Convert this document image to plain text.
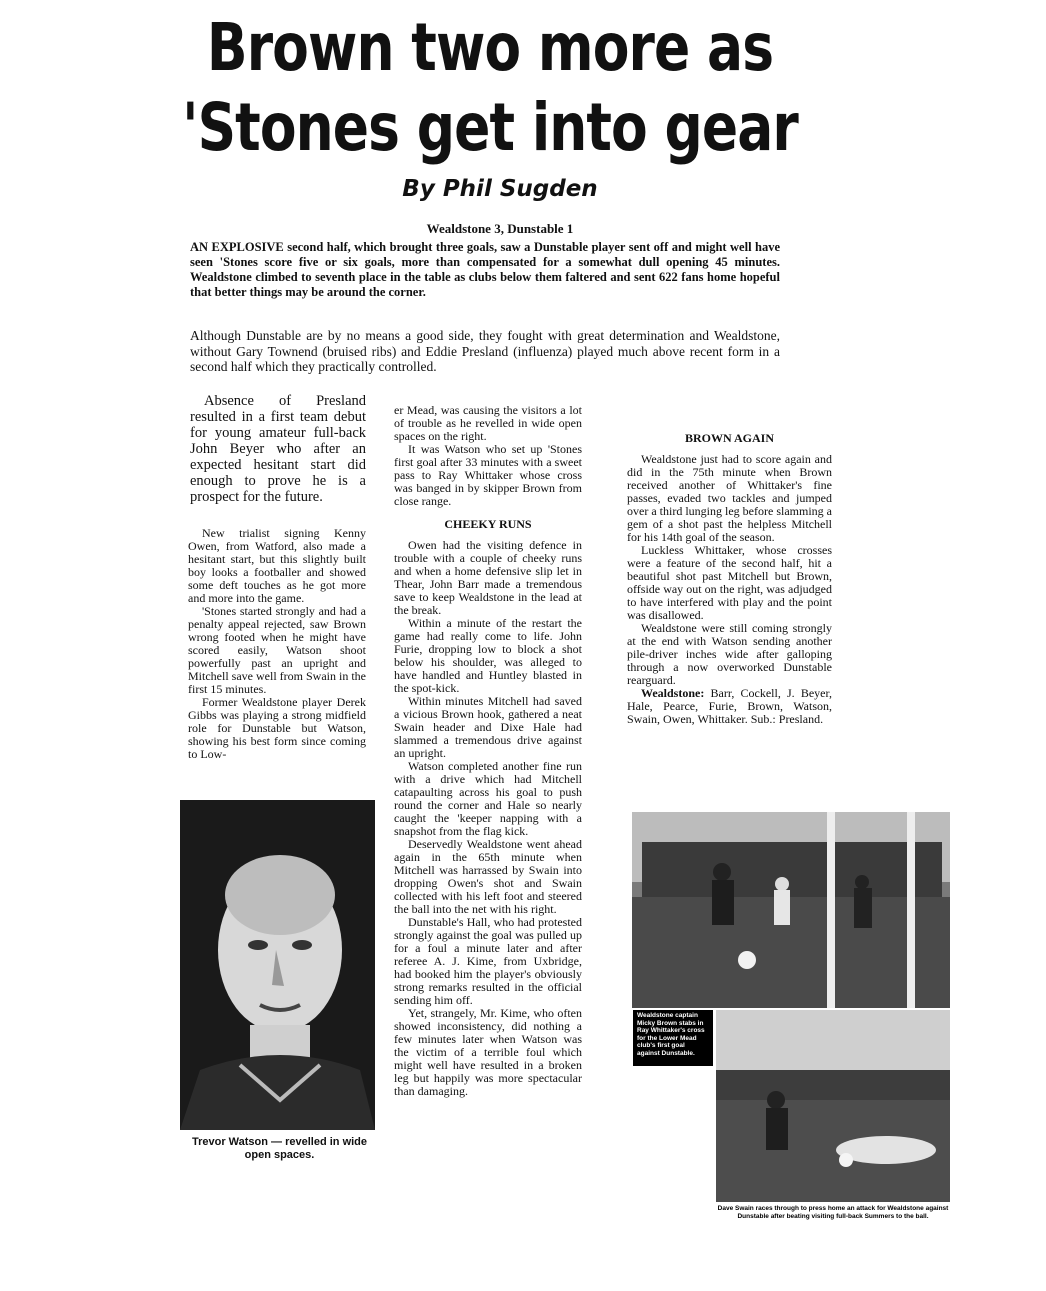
Brown two more as
'Stones get into gear
By Phil Sugden
Wealdstone 3, Dunstable 1
AN EXPLOSIVE second half, which brought three goals, saw a Dunstable player sent off and might well have seen 'Stones score five or six goals, more than compensated for a somewhat dull opening 45 minutes. Wealdstone climbed to seventh place in the table as clubs below them faltered and sent 622 fans home hopeful that better things may be around the corner.
Although Dunstable are by no means a good side, they fought with great determination and Wealdstone, without Gary Townend (bruised ribs) and Eddie Presland (influenza) played much above recent form in a second half which they practically controlled.

Absence of Presland resulted in a first team debut for young amateur full-back John Beyer who after an expected hesitant start did enough to prove he is a prospect for the future.

New trialist signing Kenny Owen, from Watford, also made a hesitant start, but this slightly built boy looks a footballer and showed some deft touches as he got more and more into the game.

'Stones started strongly and had a penalty appeal rejected, saw Brown wrong footed when he might have scored easily, Watson shoot powerfully past an upright and Mitchell save well from Swain in the first 15 minutes.

Former Wealdstone player Derek Gibbs was playing a strong midfield role for Dunstable but Watson, showing his best form since coming to Low-

Trevor Watson — revelled in wide open spaces.

er Mead, was causing the visitors a lot of trouble as he revelled in wide open spaces on the right.

It was Watson who set up 'Stones first goal after 33 minutes with a sweet pass to Ray Whittaker whose cross was banged in by skipper Brown from close range.

CHEEKY RUNS

Owen had the visiting defence in trouble with a couple of cheeky runs and when a home defensive slip let in Thear, John Barr made a tremendous save to keep Wealdstone in the lead at the break.

Within a minute of the restart the game had really come to life. John Furie, dropping low to block a shot below his shoulder, was alleged to have handled and Huntley blasted in the spot-kick.

Within minutes Mitchell had saved a vicious Brown hook, gathered a neat Swain header and Dixe Hale had slammed a tremendous drive against an upright.

Watson completed another fine run with a drive which had Mitchell catapaulting across his goal to push round the corner and Hale so nearly caught the 'keeper napping with a snapshot from the flag kick.

Deservedly Wealdstone went ahead again in the 65th minute when Mitchell was harrassed by Swain into dropping Owen's shot and Swain collected with his left foot and steered the ball into the net with his right.

Dunstable's Hall, who had protested strongly against the goal was pulled up for a foul a minute later and after referee A. J. Kime, from Uxbridge, had booked him the player's obviously strong remarks resulted in the official sending him off.

Yet, strangely, Mr. Kime, who often showed inconsistency, did nothing a few minutes later when Watson was the victim of a terrible foul which might well have resulted in a broken leg but happily was more spectacular than damaging.

BROWN AGAIN

Wealdstone just had to score again and did in the 75th minute when Brown received another of Whittaker's fine passes, evaded two tackles and jumped over a third lunging leg before slamming a gem of a shot past the helpless Mitchell for his 14th goal of the season.

Luckless Whittaker, whose crosses were a feature of the second half, hit a beautiful shot past Mitchell but Brown, offside way out on the right, was adjudged to have interfered with play and the point was disallowed.

Wealdstone were still coming strongly at the end with Watson sending another pile-driver inches wide after galloping through a now overworked Dunstable rearguard.

Wealdstone: Barr, Cockell, J. Beyer, Hale, Pearce, Furie, Brown, Watson, Swain, Owen, Whittaker. Sub.: Presland.

Wealdstone captain Micky Brown stabs in Ray Whittaker's cross for the Lower Mead club's first goal against Dunstable.
Dave Swain races through to press home an attack for Wealdstone against Dunstable after beating visiting full-back Summers to the ball.
